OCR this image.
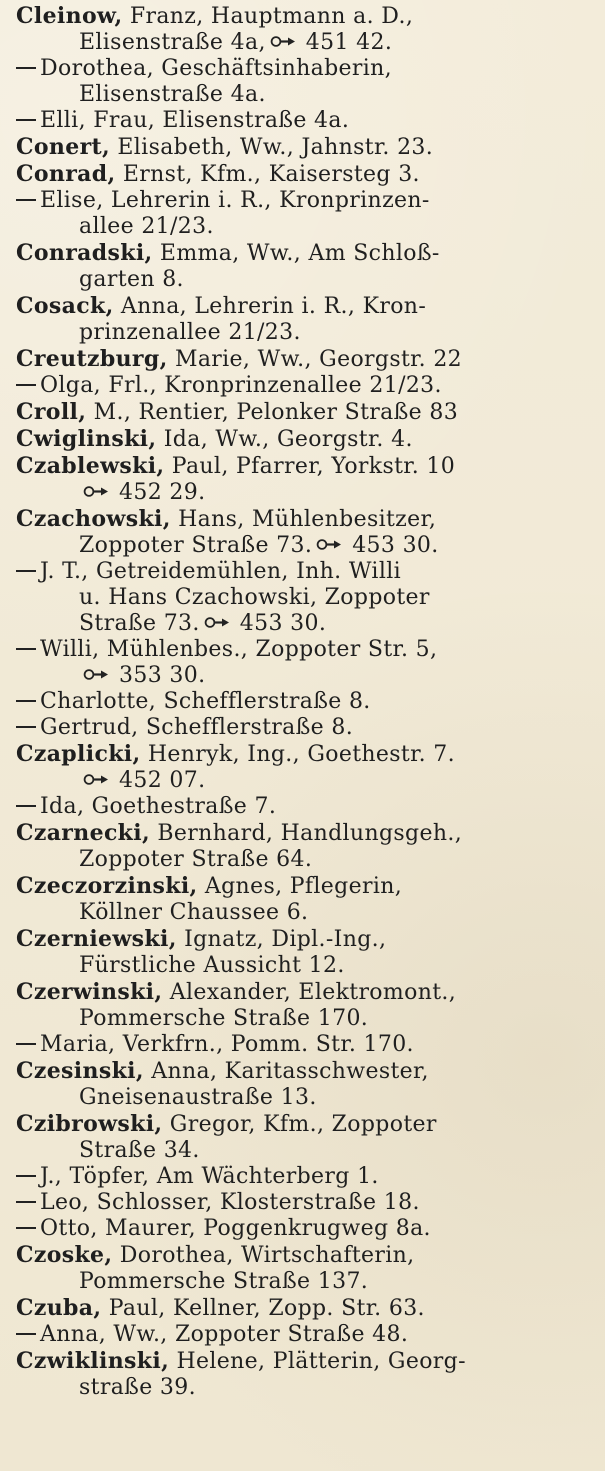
Cleinow, Franz, Hauptmann a. D.,
Elisenstraße 4a, 451 42.
Dorothea, Geschäftsinhaberin,
Elisenstraße 4a.
Elli, Frau, Elisenstraße 4a.
Conert, Elisabeth, Ww., Jahnstr. 23.
Conrad, Ernst, Kfm., Kaisersteg 3.
Elise, Lehrerin i. R., Kronprinzen-
allee 21/23.
Conradski, Emma, Ww., Am Schloß-
garten 8.
Cosack, Anna, Lehrerin i. R., Kron-
prinzenallee 21/23.
Creutzburg, Marie, Ww., Georgstr. 22
Olga, Frl., Kronprinzenallee 21/23.
Croll, M., Rentier, Pelonker Straße 83
Cwiglinski, Ida, Ww., Georgstr. 4.
Czablewski, Paul, Pfarrer, Yorkstr. 10
452 29.
Czachowski, Hans, Mühlenbesitzer,
Zoppoter Straße 73. 453 30.
J. T., Getreidemühlen, Inh. Willi
u. Hans Czachowski, Zoppoter
Straße 73. 453 30.
Willi, Mühlenbes., Zoppoter Str. 5,
353 30.
Charlotte, Schefflerstraße 8.
Gertrud, Schefflerstraße 8.
Czaplicki, Henryk, Ing., Goethestr. 7.
452 07.
Ida, Goethestraße 7.
Czarnecki, Bernhard, Handlungsgeh.,
Zoppoter Straße 64.
Czeczorzinski, Agnes, Pflegerin,
Köllner Chaussee 6.
Czerniewski, Ignatz, Dipl.-Ing.,
Fürstliche Aussicht 12.
Czerwinski, Alexander, Elektromont.,
Pommersche Straße 170.
Maria, Verkfrn., Pomm. Str. 170.
Czesinski, Anna, Karitasschwester,
Gneisenaustraße 13.
Czibrowski, Gregor, Kfm., Zoppoter
Straße 34.
J., Töpfer, Am Wächterberg 1.
Leo, Schlosser, Klosterstraße 18.
Otto, Maurer, Poggenkrugweg 8a.
Czoske, Dorothea, Wirtschafterin,
Pommersche Straße 137.
Czuba, Paul, Kellner, Zopp. Str. 63.
Anna, Ww., Zoppoter Straße 48.
Czwiklinski, Helene, Plätterin, Georg-
straße 39.
